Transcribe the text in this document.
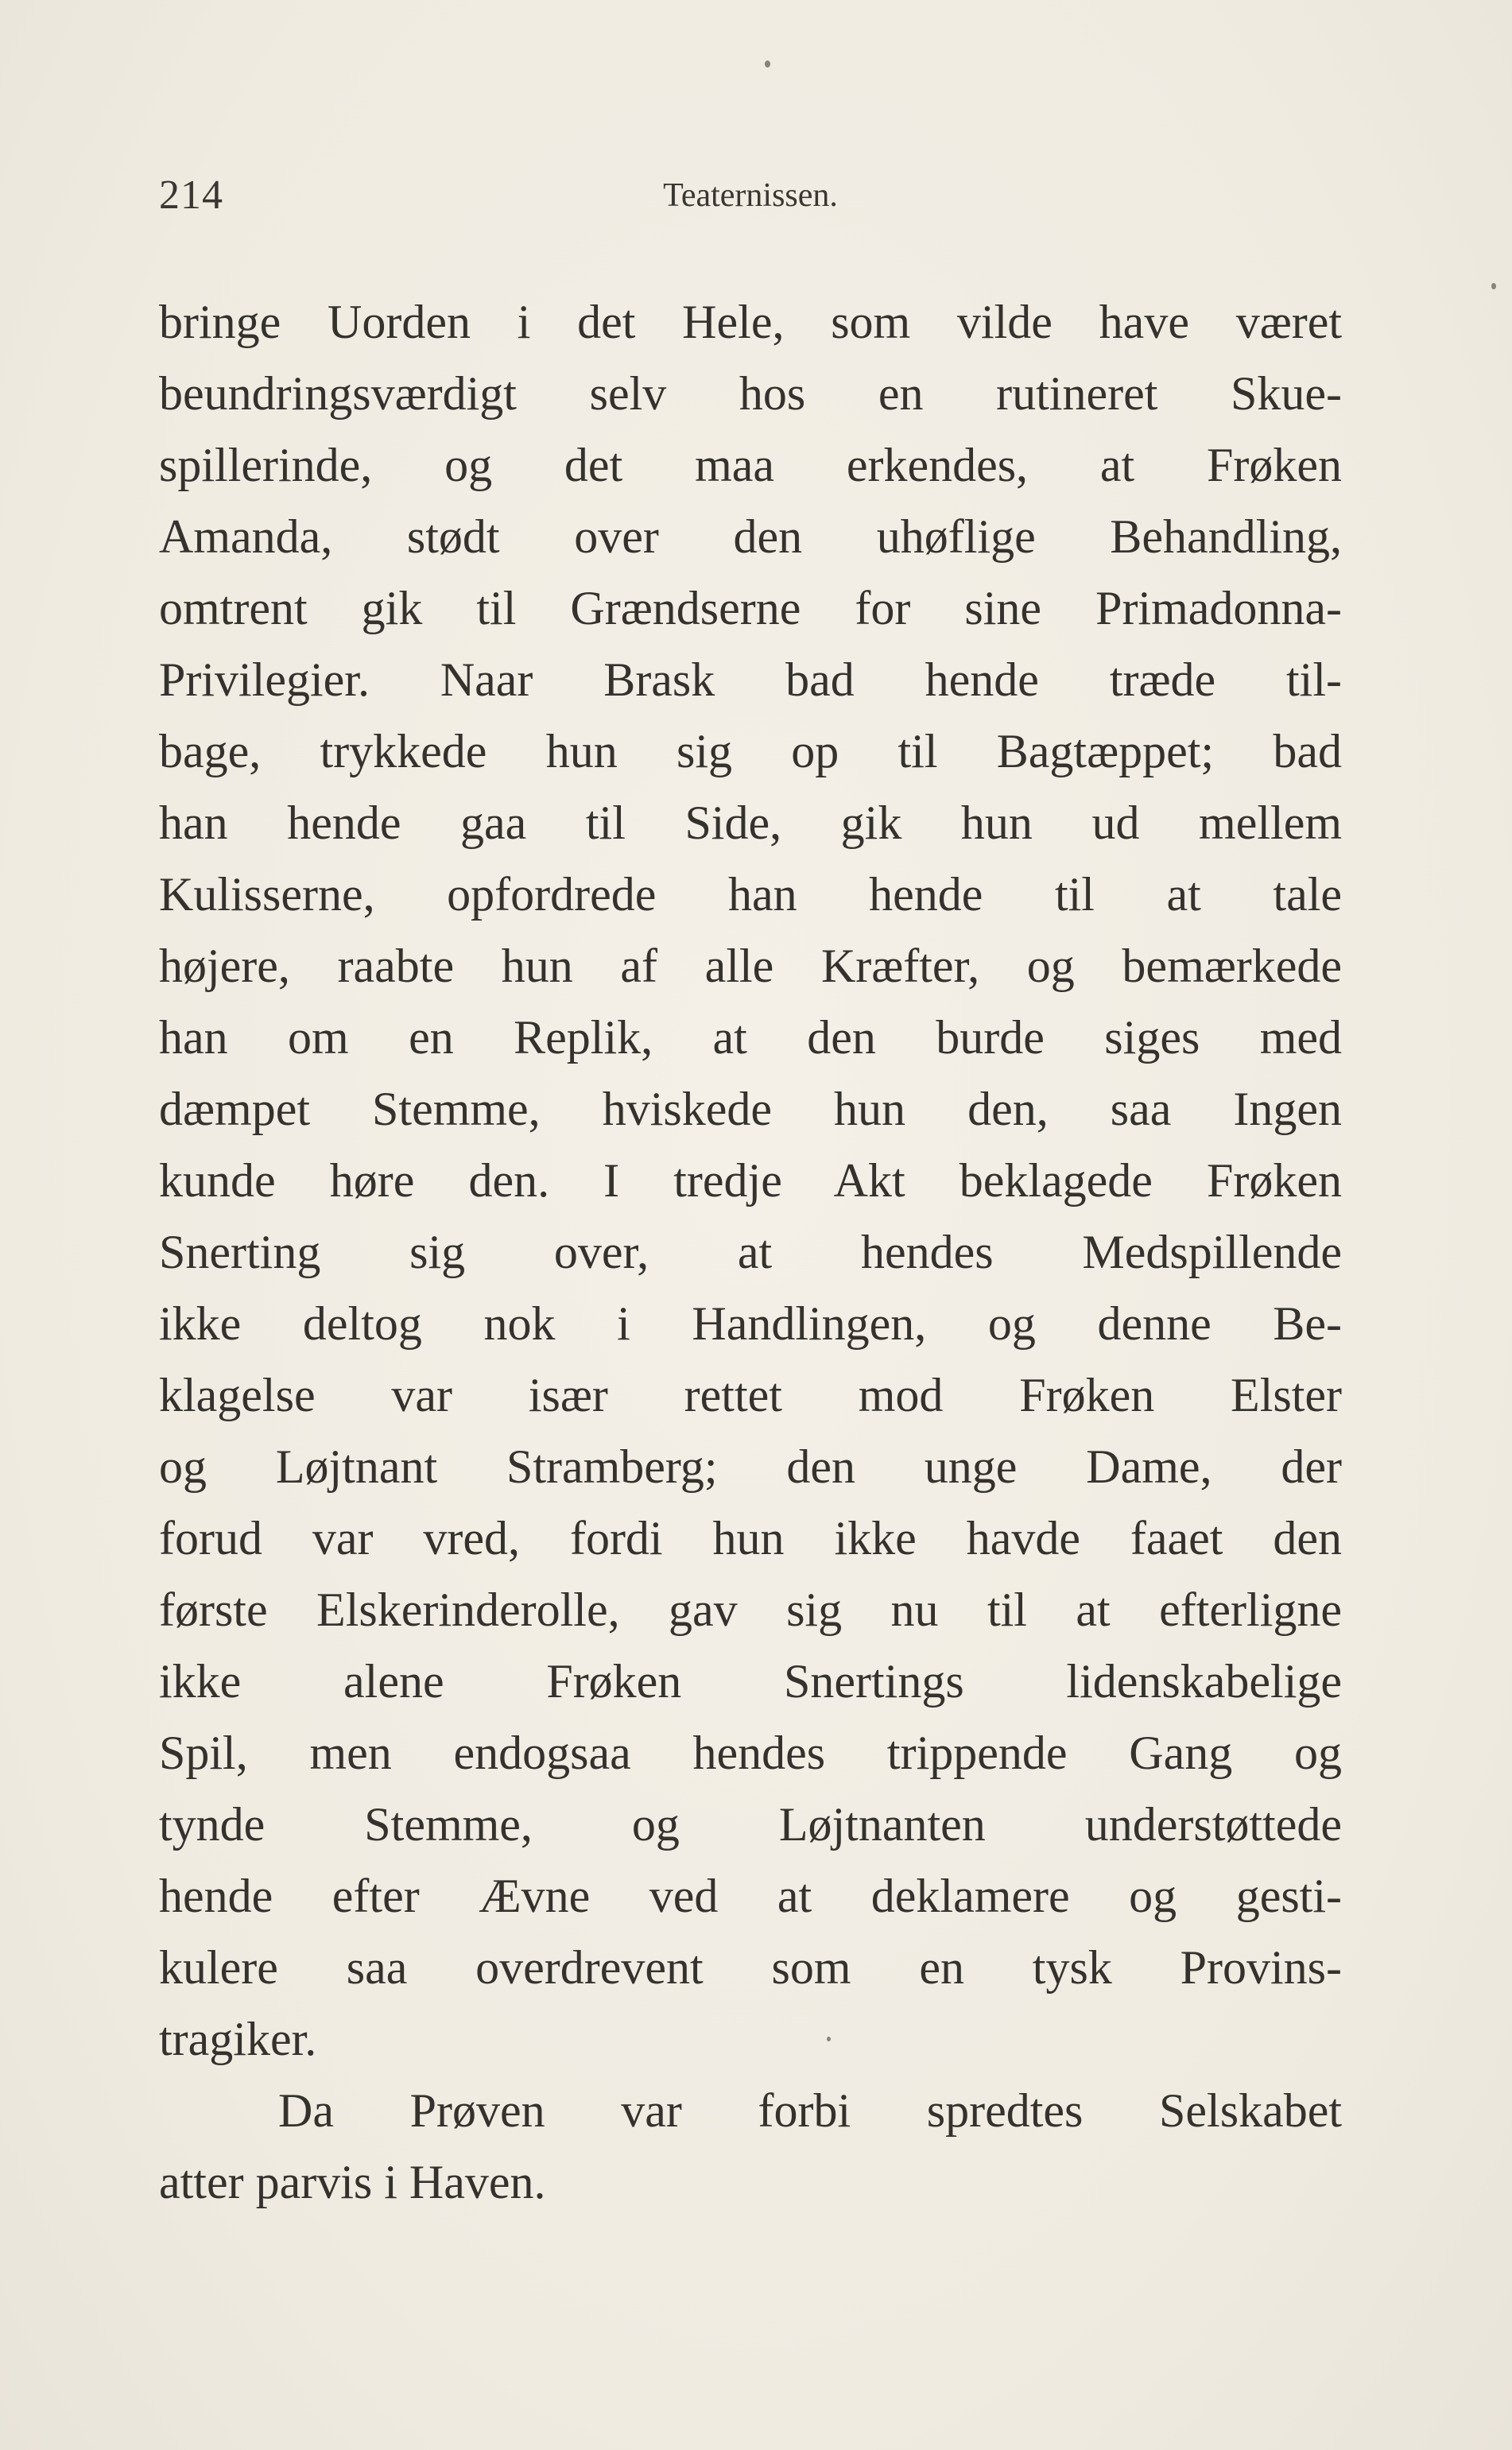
214	Teaternissen.
bringe Uorden i det Hele, som vilde have været
beundringsværdigt selv hos en rutineret Skue-
spillerinde, og det maa erkendes, at Frøken
Amanda, stødt over den uhøflige Behandling,
omtrent gik til Grændserne for sine Primadonna-
Privilegier. Naar Brask bad hende træde til-
bage, trykkede hun sig op til Bagtæppet; bad
han hende gaa til Side, gik hun ud mellem
Kulisserne, opfordrede han hende til at tale
højere, raabte hun af alle Kræfter, og bemærkede
han om en Replik, at den burde siges med
dæmpet Stemme, hviskede hun den, saa Ingen
kunde høre den. I tredje Akt beklagede Frøken
Snerting sig over, at hendes Medspillende
ikke deltog nok i Handlingen, og denne Be-
klagelse var især rettet mod Frøken Elster
og Løjtnant Stramberg; den unge Dame, der
forud var vred, fordi hun ikke havde faaet den
første Elskerinderolle, gav sig nu til at efterligne
ikke alene Frøken Snertings lidenskabelige
Spil, men endogsaa hendes trippende Gang og
tynde Stemme, og Løjtnanten understøttede
hende efter Ævne ved at deklamere og gesti-
kulere saa overdrevent som en tysk Provins-
tragiker.
Da Prøven var forbi spredtes Selskabet
atter parvis i Haven.
